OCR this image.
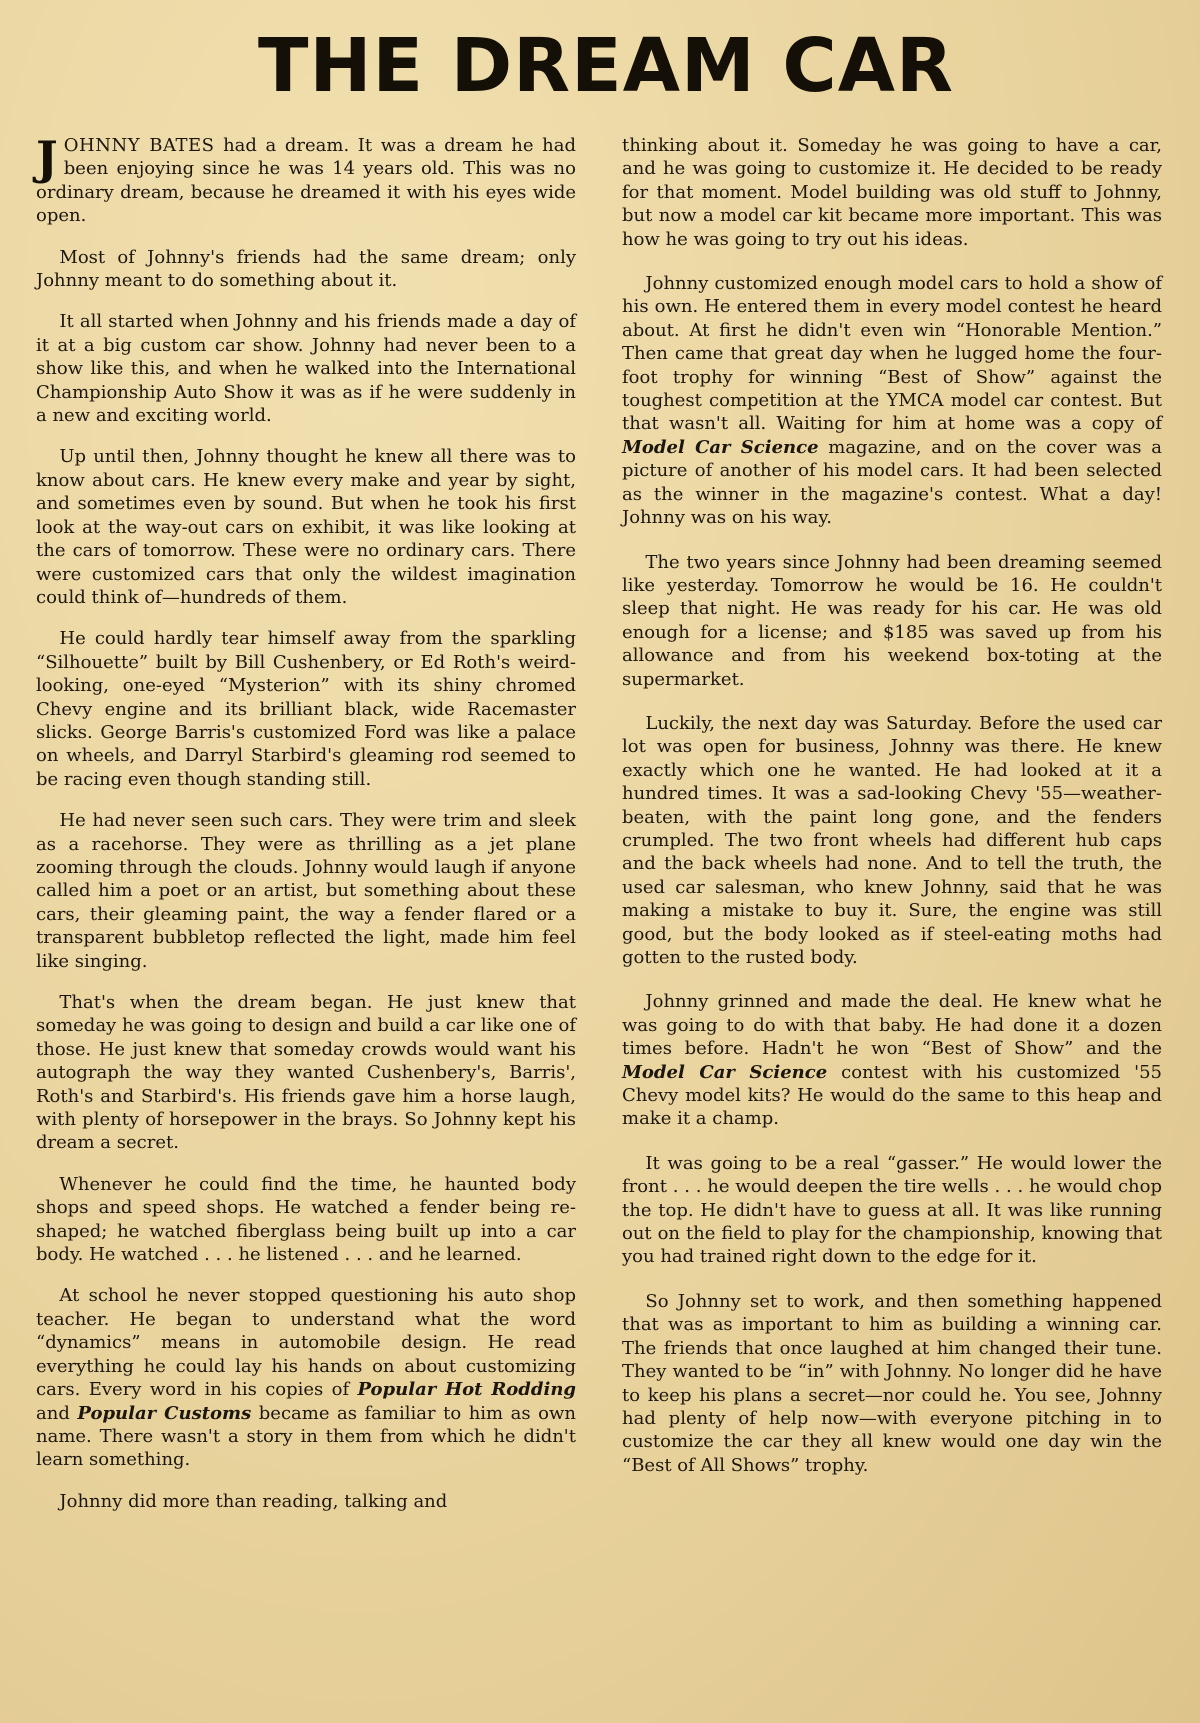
THE DREAM CAR

JOHNNY BATES had a dream. It was a dream he had been enjoying since he was 14 years old. This was no ordinary dream, because he dreamed it with his eyes wide open.

Most of Johnny's friends had the same dream; only Johnny meant to do something about it.

It all started when Johnny and his friends made a day of it at a big custom car show. Johnny had never been to a show like this, and when he walked into the International Championship Auto Show it was as if he were suddenly in a new and exciting world.

Up until then, Johnny thought he knew all there was to know about cars. He knew every make and year by sight, and sometimes even by sound. But when he took his first look at the way-out cars on exhibit, it was like looking at the cars of tomorrow. These were no ordinary cars. There were customized cars that only the wildest imagination could think of—hundreds of them.

He could hardly tear himself away from the sparkling “Silhouette” built by Bill Cushenbery, or Ed Roth's weird-looking, one-eyed “Mysterion” with its shiny chromed Chevy engine and its brilliant black, wide Racemaster slicks. George Barris's customized Ford was like a palace on wheels, and Darryl Starbird's gleaming rod seemed to be racing even though standing still.

He had never seen such cars. They were trim and sleek as a racehorse. They were as thrilling as a jet plane zooming through the clouds. Johnny would laugh if anyone called him a poet or an artist, but something about these cars, their gleaming paint, the way a fender flared or a transparent bubbletop reflected the light, made him feel like singing.

That's when the dream began. He just knew that someday he was going to design and build a car like one of those. He just knew that someday crowds would want his autograph the way they wanted Cushenbery's, Barris', Roth's and Starbird's. His friends gave him a horse laugh, with plenty of horsepower in the brays. So Johnny kept his dream a secret.

Whenever he could find the time, he haunted body shops and speed shops. He watched a fender being re-shaped; he watched fiberglass being built up into a car body. He watched . . . he listened . . . and he learned.

At school he never stopped questioning his auto shop teacher. He began to understand what the word “dynamics” means in automobile design. He read everything he could lay his hands on about customizing cars. Every word in his copies of Popular Hot Rodding and Popular Customs became as familiar to him as own name. There wasn't a story in them from which he didn't learn something.

Johnny did more than reading, talking and

thinking about it. Someday he was going to have a car, and he was going to customize it. He decided to be ready for that moment. Model building was old stuff to Johnny, but now a model car kit became more important. This was how he was going to try out his ideas.

Johnny customized enough model cars to hold a show of his own. He entered them in every model contest he heard about. At first he didn't even win “Honorable Mention.” Then came that great day when he lugged home the four-foot trophy for winning “Best of Show” against the toughest competition at the YMCA model car contest. But that wasn't all. Waiting for him at home was a copy of Model Car Science magazine, and on the cover was a picture of another of his model cars. It had been selected as the winner in the magazine's contest. What a day! Johnny was on his way.

The two years since Johnny had been dreaming seemed like yesterday. Tomorrow he would be 16. He couldn't sleep that night. He was ready for his car. He was old enough for a license; and $185 was saved up from his allowance and from his weekend box-toting at the supermarket.

Luckily, the next day was Saturday. Before the used car lot was open for business, Johnny was there. He knew exactly which one he wanted. He had looked at it a hundred times. It was a sad-looking Chevy '55—weather-beaten, with the paint long gone, and the fenders crumpled. The two front wheels had different hub caps and the back wheels had none. And to tell the truth, the used car salesman, who knew Johnny, said that he was making a mistake to buy it. Sure, the engine was still good, but the body looked as if steel-eating moths had gotten to the rusted body.

Johnny grinned and made the deal. He knew what he was going to do with that baby. He had done it a dozen times before. Hadn't he won “Best of Show” and the Model Car Science contest with his customized '55 Chevy model kits? He would do the same to this heap and make it a champ.

It was going to be a real “gasser.” He would lower the front . . . he would deepen the tire wells . . . he would chop the top. He didn't have to guess at all. It was like running out on the field to play for the championship, knowing that you had trained right down to the edge for it.

So Johnny set to work, and then something happened that was as important to him as building a winning car. The friends that once laughed at him changed their tune. They wanted to be “in” with Johnny. No longer did he have to keep his plans a secret—nor could he. You see, Johnny had plenty of help now—with everyone pitching in to customize the car they all knew would one day win the “Best of All Shows” trophy.
